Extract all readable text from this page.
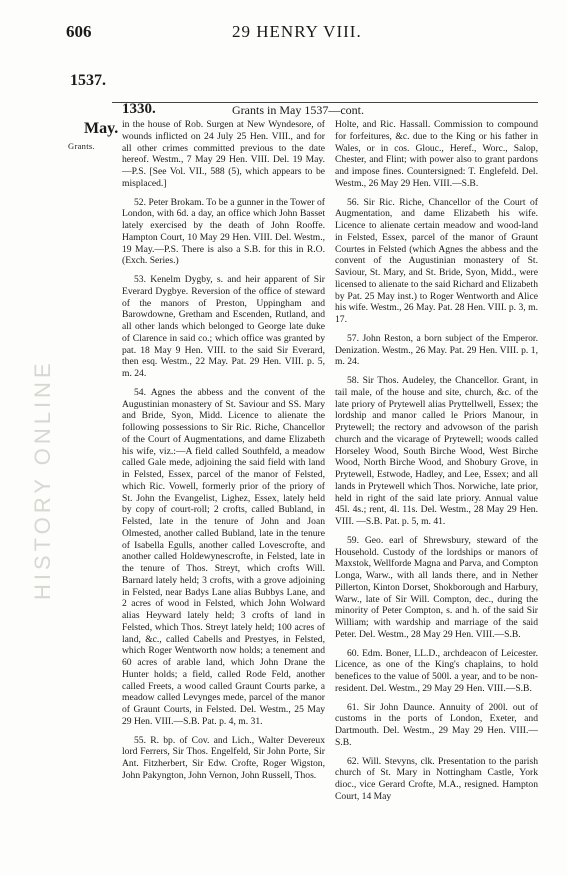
HISTORY ONLINE
606	29 HENRY VIII.
1537.
May.
Grants.
1330.	Grants in May 1537—cont.

in the house of Rob. Surgen at New Wyndesore, of wounds inflicted on 24 July 25 Hen. VIII., and for all other crimes committed previous to the date hereof. Westm., 7 May 29 Hen. VIII. Del. 19 May.—P.S. [See Vol. VII., 588 (5), which appears to be misplaced.]

52. Peter Brokam. To be a gunner in the Tower of London, with 6d. a day, an office which John Basset lately exercised by the death of John Rooffe. Hampton Court, 10 May 29 Hen. VIII. Del. Westm., 19 May.—P.S. There is also a S.B. for this in R.O. (Exch. Series.)

53. Kenelm Dygby, s. and heir apparent of Sir Everard Dygbye. Reversion of the office of steward of the manors of Preston, Uppingham and Barowdowne, Gretham and Escenden, Rutland, and all other lands which belonged to George late duke of Clarence in said co.; which office was granted by pat. 18 May 9 Hen. VIII. to the said Sir Everard, then esq. Westm., 22 May. Pat. 29 Hen. VIII. p. 5, m. 24.

54. Agnes the abbess and the convent of the Augustinian monastery of St. Saviour and SS. Mary and Bride, Syon, Midd. Licence to alienate the following possessions to Sir Ric. Riche, Chancellor of the Court of Augmentations, and dame Elizabeth his wife, viz.:—A field called Southfeld, a meadow called Gale mede, adjoining the said field with land in Felsted, Essex, parcel of the manor of Felsted, which Ric. Vowell, formerly prior of the priory of St. John the Evangelist, Lighez, Essex, lately held by copy of court-roll; 2 crofts, called Bubland, in Felsted, late in the tenure of John and Joan Olmested, another called Bubland, late in the tenure of Isabella Egulls, another called Lovescrofte, and another called Holdewynescrofte, in Felsted, late in the tenure of Thos. Streyt, which crofts Will. Barnard lately held; 3 crofts, with a grove adjoining in Felsted, near Badys Lane alias Bubbys Lane, and 2 acres of wood in Felsted, which John Wolward alias Heyward lately held; 3 crofts of land in Felsted, which Thos. Streyt lately held; 100 acres of land, &c., called Cabells and Prestyes, in Felsted, which Roger Wentworth now holds; a tenement and 60 acres of arable land, which John Drane the Hunter holds; a field, called Rode Feld, another called Freets, a wood called Graunt Courts parke, a meadow called Levynges mede, parcel of the manor of Graunt Courts, in Felsted. Del. Westm., 25 May 29 Hen. VIII.—S.B. Pat. p. 4, m. 31.

55. R. bp. of Cov. and Lich., Walter Devereux lord Ferrers, Sir Thos. Engelfeld, Sir John Porte, Sir Ant. Fitzherbert, Sir Edw. Crofte, Roger Wigston, John Pakyngton, John Vernon, John Russell, Thos.

Holte, and Ric. Hassall. Commission to compound for forfeitures, &c. due to the King or his father in Wales, or in cos. Glouc., Heref., Worc., Salop, Chester, and Flint; with power also to grant pardons and impose fines. Countersigned: T. Englefeld. Del. Westm., 26 May 29 Hen. VIII.—S.B.

56. Sir Ric. Riche, Chancellor of the Court of Augmentation, and dame Elizabeth his wife. Licence to alienate certain meadow and wood-land in Felsted, Essex, parcel of the manor of Graunt Courtes in Felsted (which Agnes the abbess and the convent of the Augustinian monastery of St. Saviour, St. Mary, and St. Bride, Syon, Midd., were licensed to alienate to the said Richard and Elizabeth by Pat. 25 May inst.) to Roger Wentworth and Alice his wife. Westm., 26 May. Pat. 28 Hen. VIII. p. 3, m. 17.

57. John Reston, a born subject of the Emperor. Denization. Westm., 26 May. Pat. 29 Hen. VIII. p. 1, m. 24.

58. Sir Thos. Audeley, the Chancellor. Grant, in tail male, of the house and site, church, &c. of the late priory of Prytewell alias Pryttellwell, Essex; the lordship and manor called le Priors Manour, in Prytewell; the rectory and advowson of the parish church and the vicarage of Prytewell; woods called Horseley Wood, South Birche Wood, West Birche Wood, North Birche Wood, and Shobury Grove, in Prytewell, Estwode, Hadley, and Lee, Essex; and all lands in Prytewell which Thos. Norwiche, late prior, held in right of the said late priory. Annual value 45l. 4s.; rent, 4l. 11s. Del. Westm., 28 May 29 Hen. VIII. —S.B. Pat. p. 5, m. 41.

59. Geo. earl of Shrewsbury, steward of the Household. Custody of the lordships or manors of Maxstok, Wellforde Magna and Parva, and Compton Longa, Warw., with all lands there, and in Nether Pillerton, Kinton Dorset, Shokborough and Harbury, Warw., late of Sir Will. Compton, dec., during the minority of Peter Compton, s. and h. of the said Sir William; with wardship and marriage of the said Peter. Del. Westm., 28 May 29 Hen. VIII.—S.B.

60. Edm. Boner, LL.D., archdeacon of Leicester. Licence, as one of the King's chaplains, to hold benefices to the value of 500l. a year, and to be non-resident. Del. Westm., 29 May 29 Hen. VIII.—S.B.

61. Sir John Daunce. Annuity of 200l. out of customs in the ports of London, Exeter, and Dartmouth. Del. Westm., 29 May 29 Hen. VIII.—S.B.

62. Will. Stevyns, clk. Presentation to the parish church of St. Mary in Nottingham Castle, York dioc., vice Gerard Crofte, M.A., resigned. Hampton Court, 14 May
